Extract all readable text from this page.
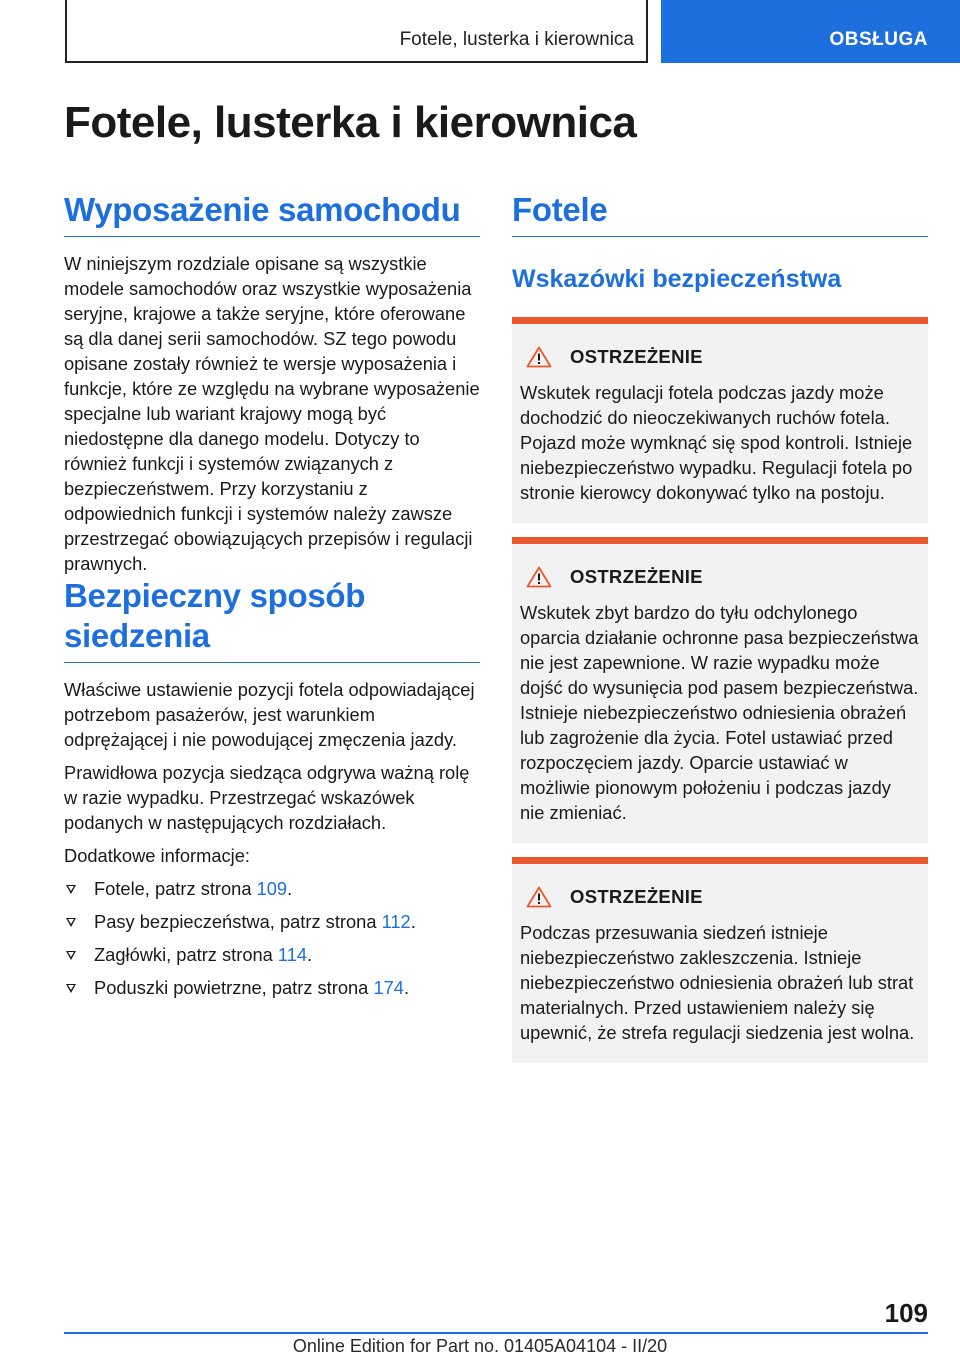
Fotele, lusterka i kierownica	OBSŁUGA
Fotele, lusterka i kierownica
Wyposażenie samochodu

W niniejszym rozdziale opisane są wszystkie modele samochodów oraz wszystkie wyposażenia seryjne, krajowe a także seryjne, które oferowane są dla danej serii samochodów. SZ tego powodu opisane zostały również te wersje wyposażenia i funkcje, które ze względu na wybrane wyposażenie specjalne lub wariant krajowy mogą być niedostępne dla danego modelu. Dotyczy to również funkcji i systemów związanych z bezpieczeństwem. Przy korzystaniu z odpowiednich funkcji i systemów należy zawsze przestrzegać obowiązujących przepisów i regulacji prawnych.

Bezpieczny sposób siedzenia

Właściwe ustawienie pozycji fotela odpowiadającej potrzebom pasażerów, jest warunkiem odprężającej i nie powodującej zmęczenia jazdy.

Prawidłowa pozycja siedząca odgrywa ważną rolę w razie wypadku. Przestrzegać wskazówek podanych w następujących rozdziałach.

Dodatkowe informacje:

Fotele, patrz strona 109.
Pasy bezpieczeństwa, patrz strona 112.
Zagłówki, patrz strona 114.
Poduszki powietrzne, patrz strona 174.
Fotele
Wskazówki bezpieczeństwa
OSTRZEŻENIE

Wskutek regulacji fotela podczas jazdy może dochodzić do nieoczekiwanych ruchów fotela. Pojazd może wymknąć się spod kontroli. Istnieje niebezpieczeństwo wypadku. Regulacji fotela po stronie kierowcy dokonywać tylko na postoju.

OSTRZEŻENIE

Wskutek zbyt bardzo do tyłu odchylonego oparcia działanie ochronne pasa bezpieczeństwa nie jest zapewnione. W razie wypadku może dojść do wysunięcia pod pasem bezpieczeństwa. Istnieje niebezpieczeństwo odniesienia obrażeń lub zagrożenie dla życia. Fotel ustawiać przed rozpoczęciem jazdy. Oparcie ustawiać w możliwie pionowym położeniu i podczas jazdy nie zmieniać.

OSTRZEŻENIE

Podczas przesuwania siedzeń istnieje niebezpieczeństwo zakleszczenia. Istnieje niebezpieczeństwo odniesienia obrażeń lub strat materialnych. Przed ustawieniem należy się upewnić, że strefa regulacji siedzenia jest wolna.

109
Online Edition for Part no. 01405A04104 - II/20
